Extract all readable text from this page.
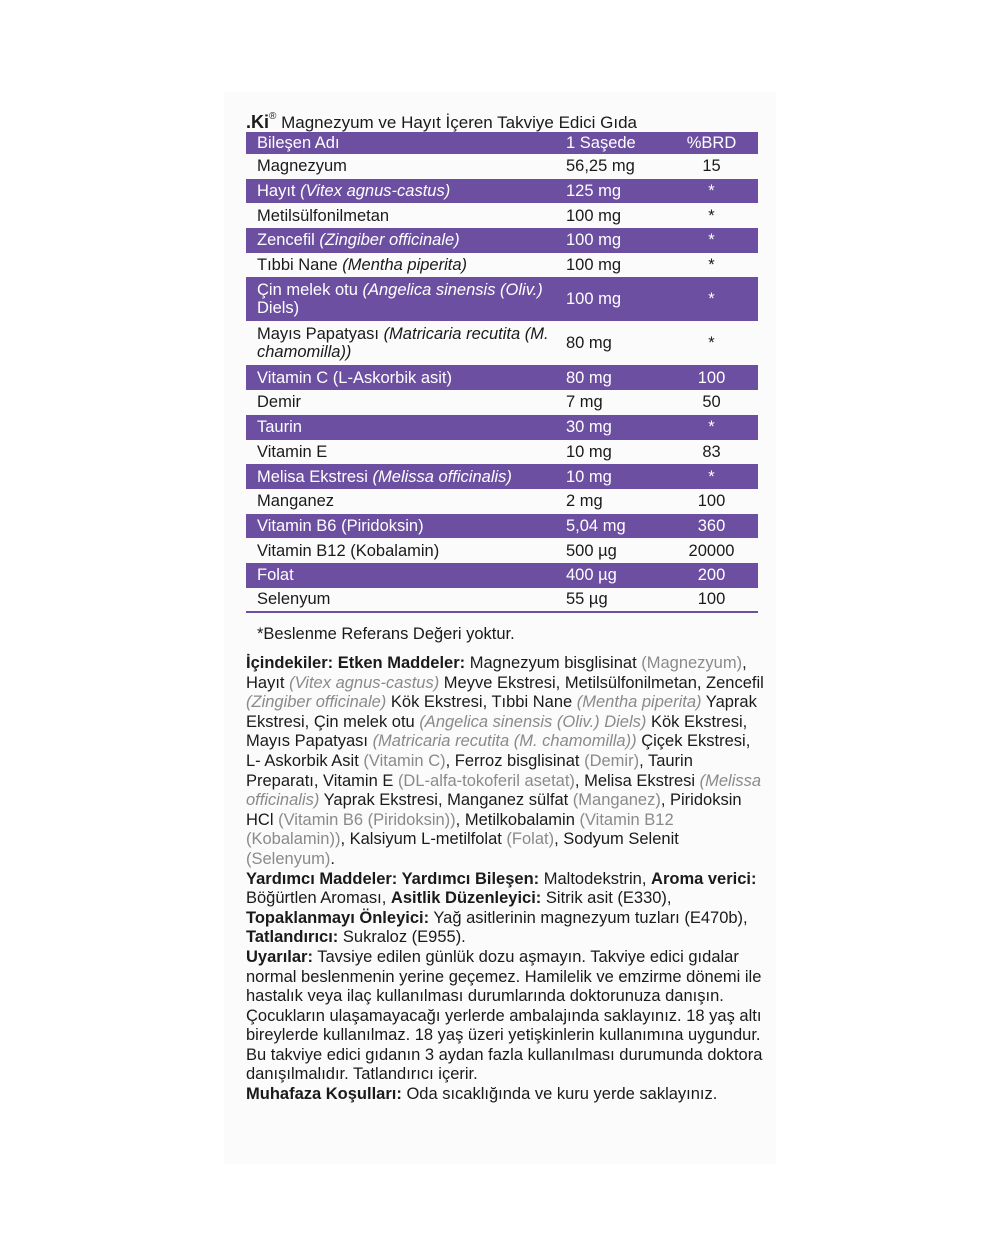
.Ki® Magnezyum ve Hayıt İçeren Takviye Edici Gıda
Bileşen Adı	1 Saşede	%BRD
Magnezyum	56,25 mg	15
Hayıt (Vitex agnus-castus)	125 mg	*
Metilsülfonilmetan	100 mg	*
Zencefil (Zingiber officinale)	100 mg	*
Tıbbi Nane (Mentha piperita)	100 mg	*
Çin melek otu (Angelica sinensis (Oliv.) Diels)	100 mg	*
Mayıs Papatyası (Matricaria recutita (M. chamomilla))	80 mg	*
Vitamin C (L-Askorbik asit)	80 mg	100
Demir	7 mg	50
Taurin	30 mg	*
Vitamin E	10 mg	83
Melisa Ekstresi (Melissa officinalis)	10 mg	*
Manganez	2 mg	100
Vitamin B6 (Piridoksin)	5,04 mg	360
Vitamin B12 (Kobalamin)	500 µg	20000
Folat	400 µg	200
Selenyum	55 µg	100
*Beslenme Referans Değeri yoktur.

İçindekiler: Etken Maddeler: Magnezyum bisglisinat (Magnezyum), Hayıt (Vitex agnus-castus) Meyve Ekstresi, Metilsülfonilmetan, Zencefil (Zingiber officinale) Kök Ekstresi, Tıbbi Nane (Mentha piperita) Yaprak Ekstresi, Çin melek otu (Angelica sinensis (Oliv.) Diels) Kök Ekstresi, Mayıs Papatyası (Matricaria recutita (M. chamomilla)) Çiçek Ekstresi, L- Askorbik Asit (Vitamin C), Ferroz bisglisinat (Demir), Taurin Preparatı, Vitamin E (DL-alfa-tokoferil asetat), Melisa Ekstresi (Melissa officinalis) Yaprak Ekstresi, Manganez sülfat (Manganez), Piridoksin HCl (Vitamin B6 (Piridoksin)), Metilkobalamin (Vitamin B12 (Kobalamin)), Kalsiyum L-metilfolat (Folat), Sodyum Selenit (Selenyum).

Yardımcı Maddeler: Yardımcı Bileşen: Maltodekstrin, Aroma verici: Böğürtlen Aroması, Asitlik Düzenleyici: Sitrik asit (E330), Topaklanmayı Önleyici: Yağ asitlerinin magnezyum tuzları (E470b), Tatlandırıcı: Sukraloz (E955).

Uyarılar: Tavsiye edilen günlük dozu aşmayın. Takviye edici gıdalar normal beslenmenin yerine geçemez. Hamilelik ve emzirme dönemi ile hastalık veya ilaç kullanılması durumlarında doktorunuza danışın. Çocukların ulaşamayacağı yerlerde ambalajında saklayınız. 18 yaş altı bireylerde kullanılmaz. 18 yaş üzeri yetişkinlerin kullanımına uygundur. Bu takviye edici gıdanın 3 aydan fazla kullanılması durumunda doktora danışılmalıdır. Tatlandırıcı içerir.

Muhafaza Koşulları: Oda sıcaklığında ve kuru yerde saklayınız.
